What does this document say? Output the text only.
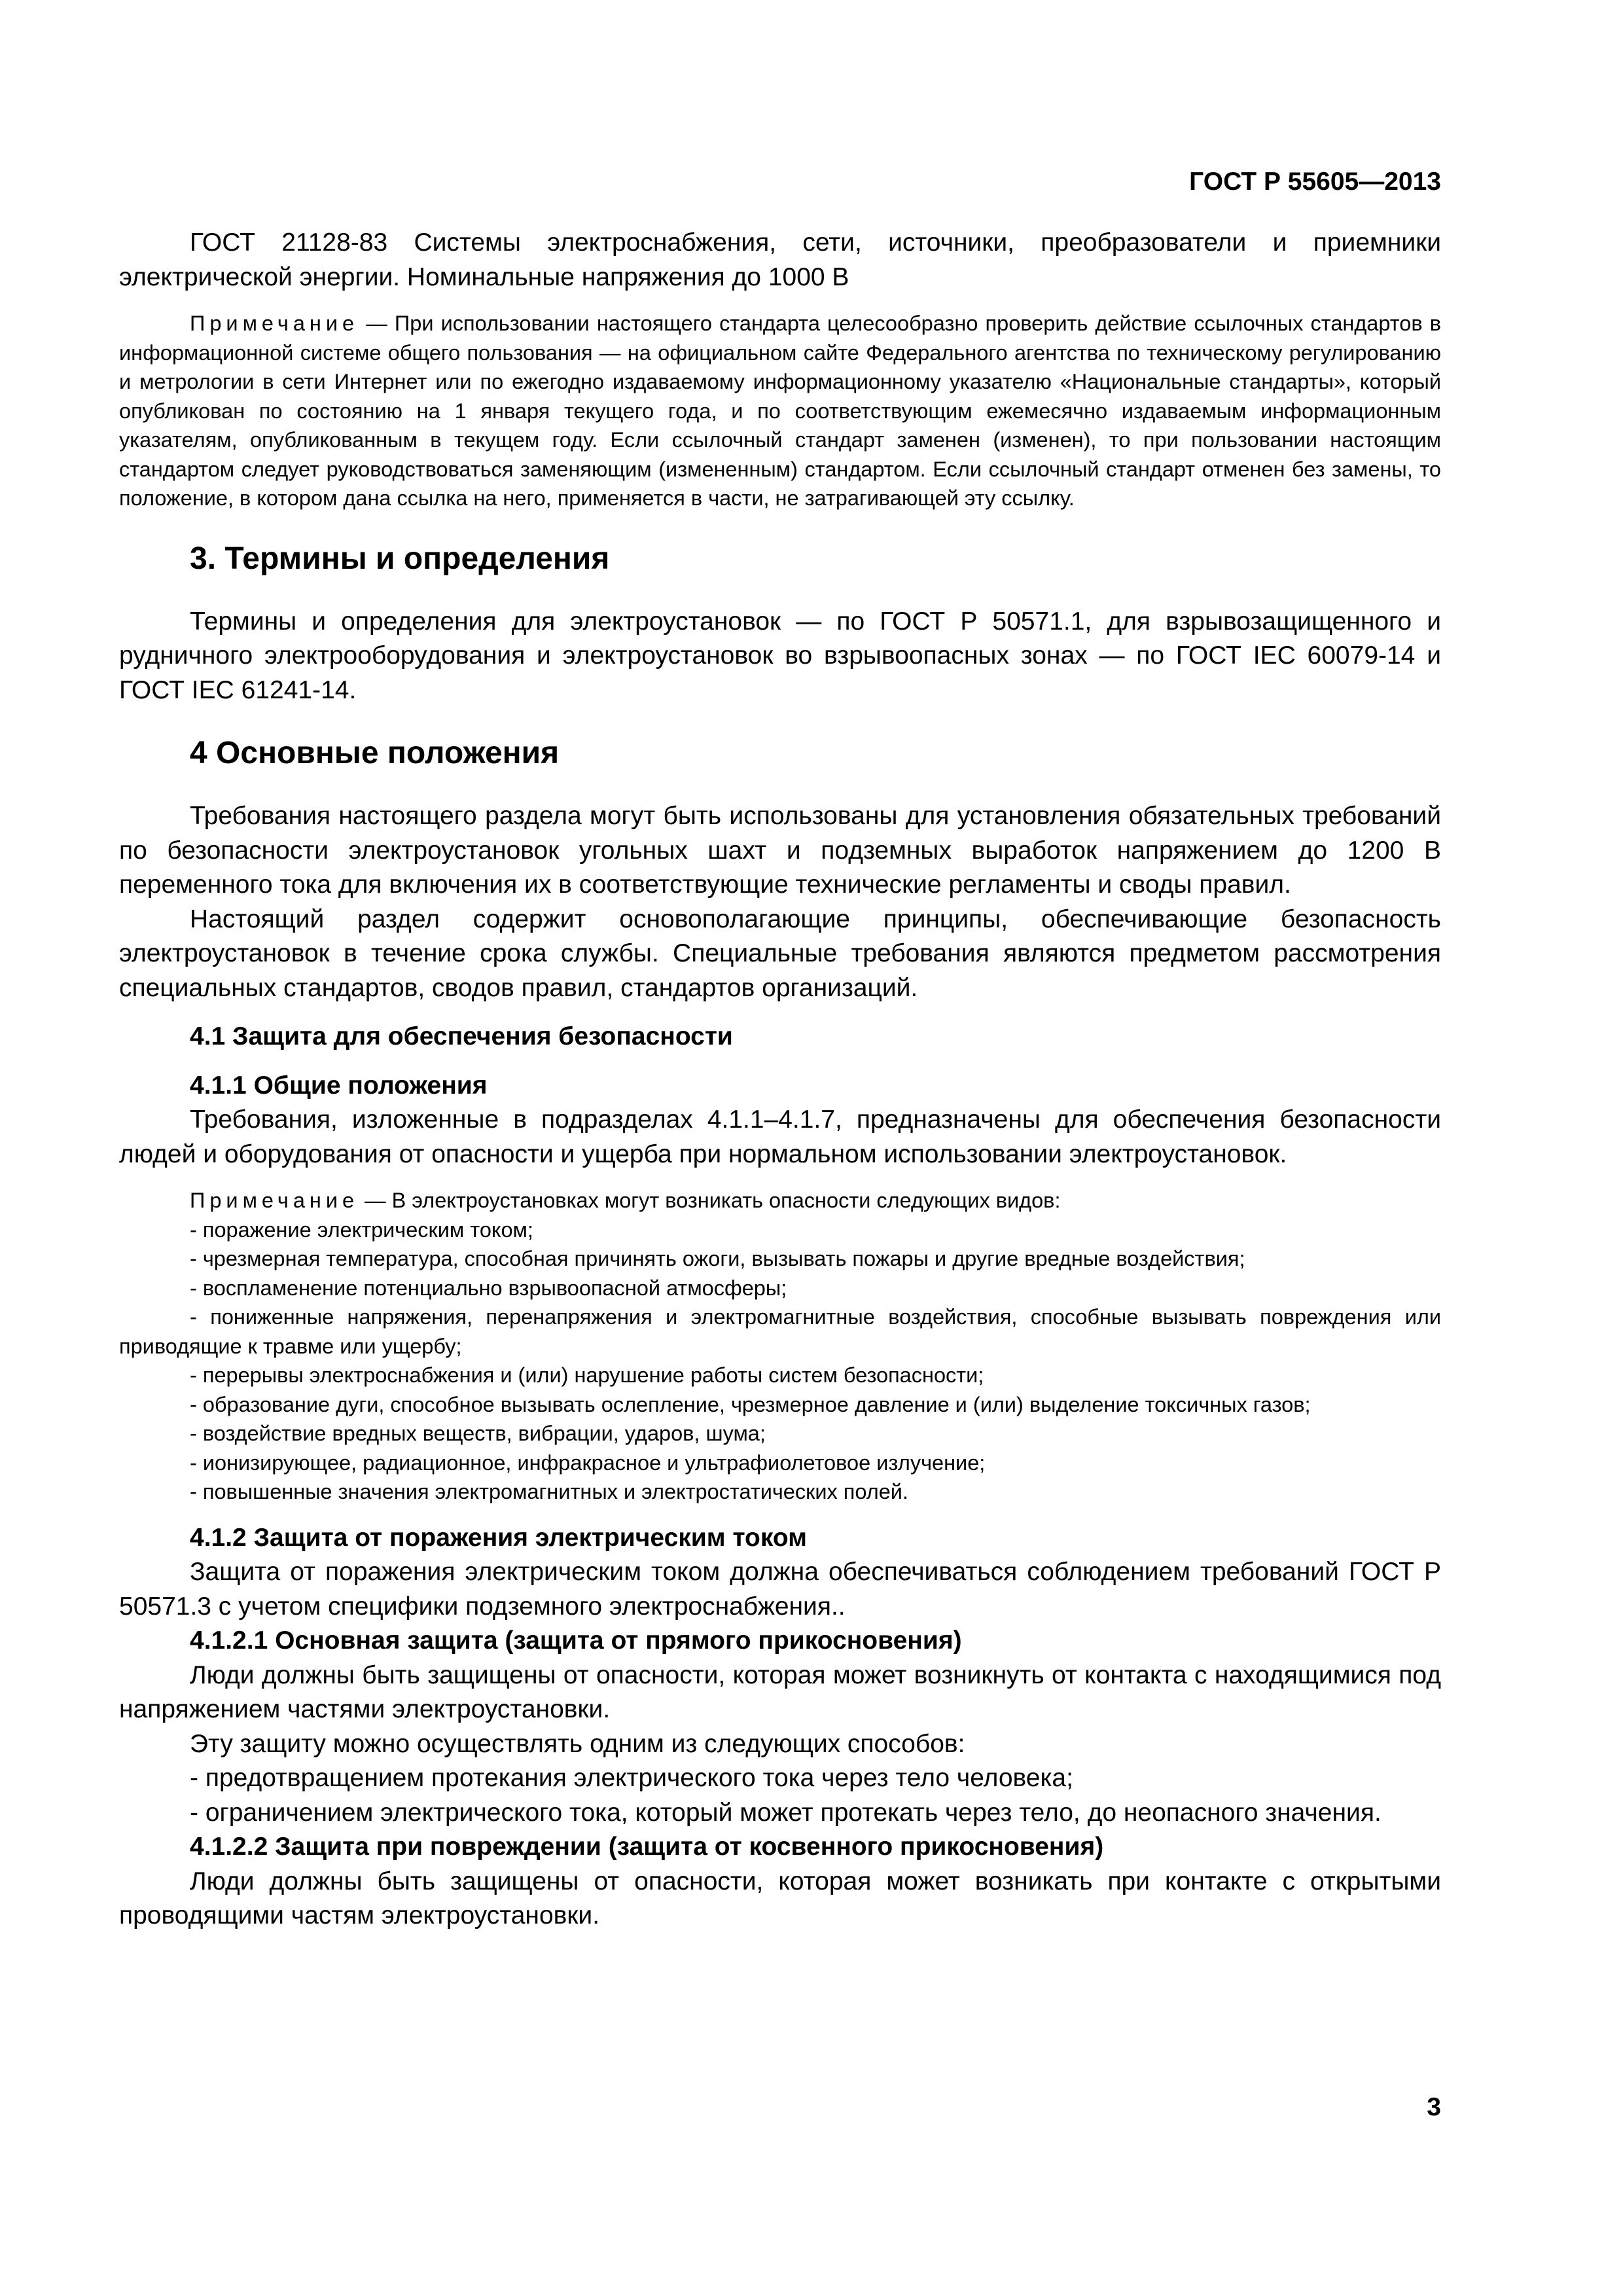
ГОСТ Р 55605—2013

ГОСТ 21128-83 Системы электроснабжения, сети, источники, преобразователи и приемники электрической энергии. Номинальные напряжения до 1000 В

Примечание — При использовании настоящего стандарта целесообразно проверить действие ссылочных стандартов в информационной системе общего пользования — на официальном сайте Федерального агентства по техническому регулированию и метрологии в сети Интернет или по ежегодно издаваемому информационному указателю «Национальные стандарты», который опубликован по состоянию на 1 января текущего года, и по соответствующим ежемесячно издаваемым информационным указателям, опубликованным в текущем году. Если ссылочный стандарт заменен (изменен), то при пользовании настоящим стандартом следует руководствоваться заменяющим (измененным) стандартом. Если ссылочный стандарт отменен без замены, то положение, в котором дана ссылка на него, применяется в части, не затрагивающей эту ссылку.

3. Термины и определения

Термины и определения для электроустановок — по ГОСТ Р 50571.1, для взрывозащищенного и рудничного электрооборудования и электроустановок во взрывоопасных зонах — по ГОСТ IEC 60079-14 и ГОСТ IEC 61241-14.

4 Основные положения

Требования настоящего раздела могут быть использованы для установления обязательных требований по безопасности электроустановок угольных шахт и подземных выработок напряжением до 1200 В переменного тока для включения их в соответствующие технические регламенты и своды правил.

Настоящий раздел содержит основополагающие принципы, обеспечивающие безопасность электроустановок в течение срока службы. Специальные требования являются предметом рассмотрения специальных стандартов, сводов правил, стандартов организаций.

4.1 Защита для обеспечения безопасности

4.1.1 Общие положения

Требования, изложенные в подразделах 4.1.1–4.1.7, предназначены для обеспечения безопасности людей и оборудования от опасности и ущерба при нормальном использовании электроустановок.

Примечание — В электроустановках могут возникать опасности следующих видов:

- поражение электрическим током;

- чрезмерная температура, способная причинять ожоги, вызывать пожары и другие вредные воздействия;

- воспламенение потенциально взрывоопасной атмосферы;

- пониженные напряжения, перенапряжения и электромагнитные воздействия, способные вызывать повреждения или приводящие к травме или ущербу;

- перерывы электроснабжения и (или) нарушение работы систем безопасности;

- образование дуги, способное вызывать ослепление, чрезмерное давление и (или) выделение токсичных газов;

- воздействие вредных веществ, вибрации, ударов, шума;

- ионизирующее, радиационное, инфракрасное и ультрафиолетовое излучение;

- повышенные значения электромагнитных и электростатических полей.

4.1.2 Защита от поражения электрическим током

Защита от поражения электрическим током должна обеспечиваться соблюдением требований ГОСТ Р 50571.3 с учетом специфики подземного электроснабжения..

4.1.2.1 Основная защита (защита от прямого прикосновения)

Люди должны быть защищены от опасности, которая может возникнуть от контакта с находящимися под напряжением частями электроустановки.

Эту защиту можно осуществлять одним из следующих способов:

- предотвращением протекания электрического тока через тело человека;

- ограничением электрического тока, который может протекать через тело, до неопасного значения.

4.1.2.2 Защита при повреждении (защита от косвенного прикосновения)

Люди должны быть защищены от опасности, которая может возникать при контакте с открытыми проводящими частям электроустановки.

3
